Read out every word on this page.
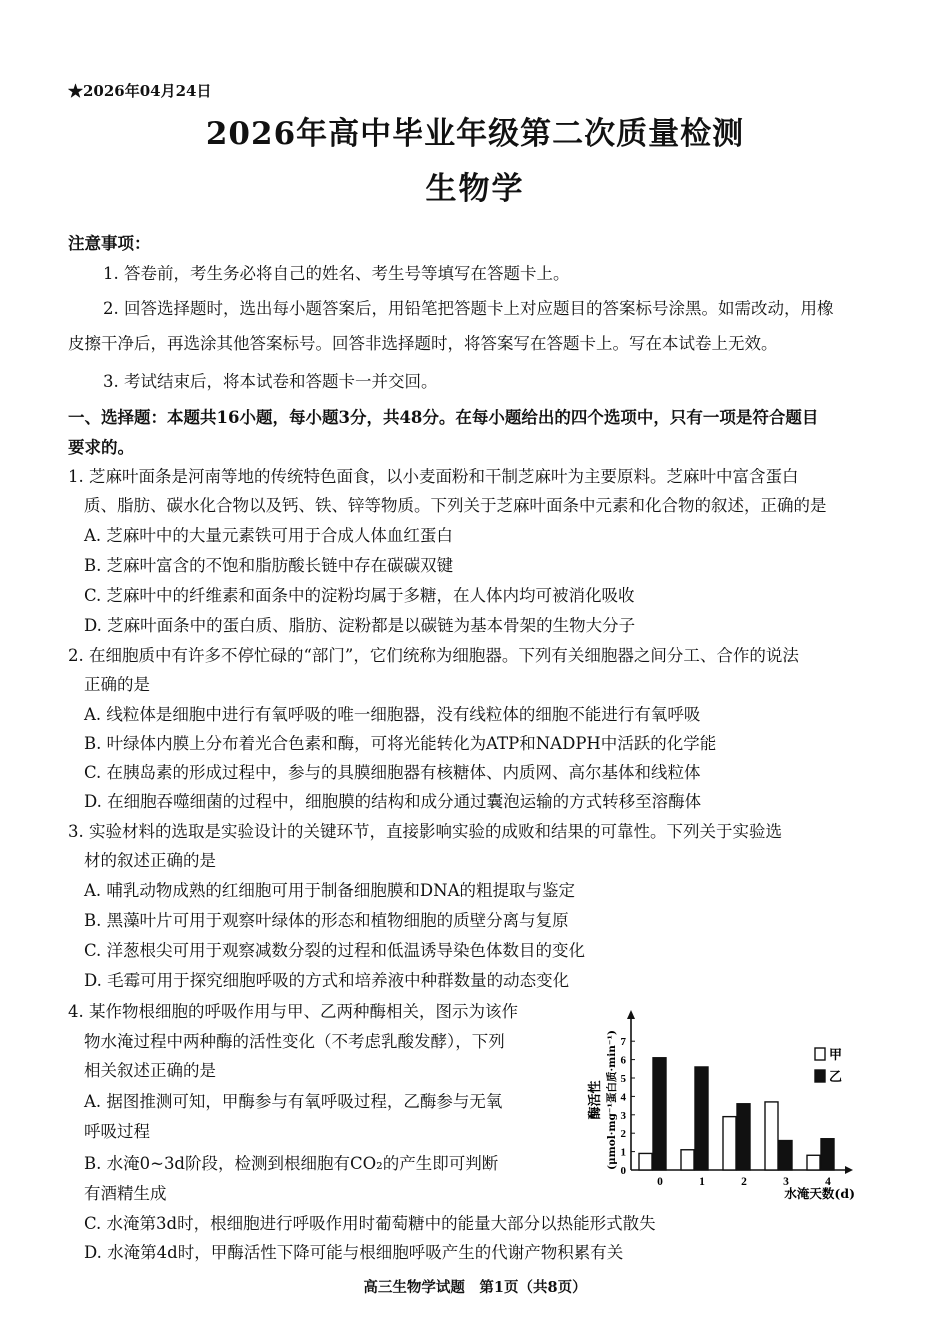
★2026年04月24日
2026年高中毕业年级第二次质量检测
生物学
注意事项：
1. 答卷前，考生务必将自己的姓名、考生号等填写在答题卡上。
2. 回答选择题时，选出每小题答案后，用铅笔把答题卡上对应题目的答案标号涂黑。如需改动，用橡
皮擦干净后，再选涂其他答案标号。回答非选择题时，将答案写在答题卡上。写在本试卷上无效。
3. 考试结束后，将本试卷和答题卡一并交回。
一、选择题：本题共16小题，每小题3分，共48分。在每小题给出的四个选项中，只有一项是符合题目
要求的。
1. 芝麻叶面条是河南等地的传统特色面食，以小麦面粉和干制芝麻叶为主要原料。芝麻叶中富含蛋白
质、脂肪、碳水化合物以及钙、铁、锌等物质。下列关于芝麻叶面条中元素和化合物的叙述，正确的是
A. 芝麻叶中的大量元素铁可用于合成人体血红蛋白
B. 芝麻叶富含的不饱和脂肪酸长链中存在碳碳双键
C. 芝麻叶中的纤维素和面条中的淀粉均属于多糖，在人体内均可被消化吸收
D. 芝麻叶面条中的蛋白质、脂肪、淀粉都是以碳链为基本骨架的生物大分子
2. 在细胞质中有许多不停忙碌的“部门”，它们统称为细胞器。下列有关细胞器之间分工、合作的说法
正确的是
A. 线粒体是细胞中进行有氧呼吸的唯一细胞器，没有线粒体的细胞不能进行有氧呼吸
B. 叶绿体内膜上分布着光合色素和酶，可将光能转化为ATP和NADPH中活跃的化学能
C. 在胰岛素的形成过程中，参与的具膜细胞器有核糖体、内质网、高尔基体和线粒体
D. 在细胞吞噬细菌的过程中，细胞膜的结构和成分通过囊泡运输的方式转移至溶酶体
3. 实验材料的选取是实验设计的关键环节，直接影响实验的成败和结果的可靠性。下列关于实验选
材的叙述正确的是
A. 哺乳动物成熟的红细胞可用于制备细胞膜和DNA的粗提取与鉴定
B. 黑藻叶片可用于观察叶绿体的形态和植物细胞的质壁分离与复原
C. 洋葱根尖可用于观察减数分裂的过程和低温诱导染色体数目的变化
D. 毛霉可用于探究细胞呼吸的方式和培养液中种群数量的动态变化
4. 某作物根细胞的呼吸作用与甲、乙两种酶相关，图示为该作
物水淹过程中两种酶的活性变化（不考虑乳酸发酵），下列
相关叙述正确的是
A. 据图推测可知，甲酶参与有氧呼吸过程，乙酶参与无氧
呼吸过程
B. 水淹0~3d阶段，检测到根细胞有CO₂的产生即可判断
有酒精生成
C. 水淹第3d时，根细胞进行呼吸作用时葡萄糖中的能量大部分以热能形式散失
D. 水淹第4d时，甲酶活性下降可能与根细胞呼吸产生的代谢产物积累有关
0
1
2
3
4
5
6
7
0	1	2	3	4
水淹天数(d)
酶活性 (μmol·mg⁻¹蛋白质·min⁻¹)	甲
乙
高三生物学试题　第1页（共8页）
